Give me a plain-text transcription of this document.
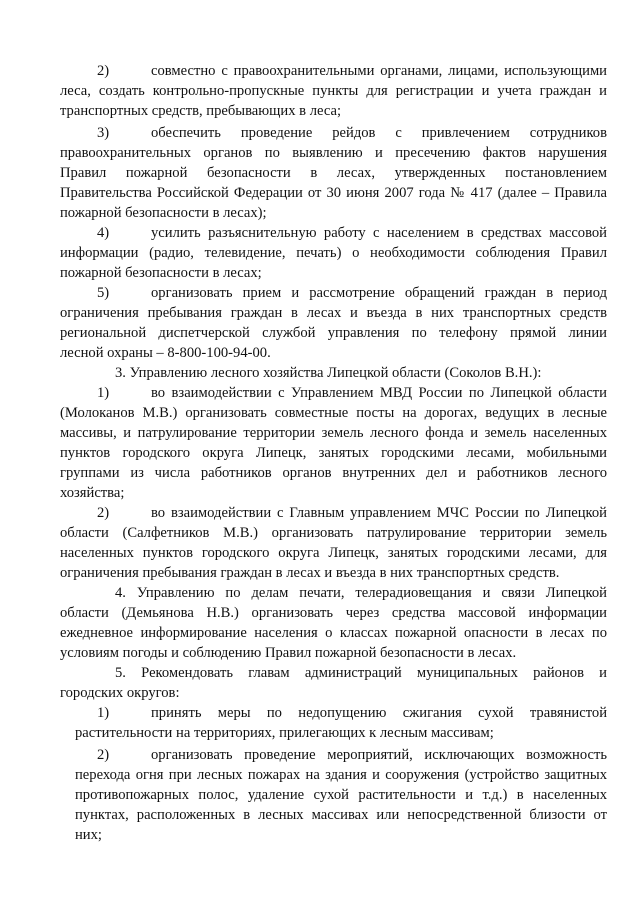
2)	совместно с правоохранительными органами, лицами, использующими
леса, создать контрольно-пропускные пункты для регистрации и учета граждан и
транспортных средств, пребывающих в леса;
3)	обеспечить проведение рейдов с привлечением сотрудников
правоохранительных органов по выявлению и пресечению фактов нарушения
Правил пожарной безопасности в лесах, утвержденных постановлением
Правительства Российской Федерации от 30 июня 2007 года № 417 (далее – Правила
пожарной безопасности в лесах);
4)	усилить разъяснительную работу с населением в средствах массовой
информации (радио, телевидение, печать) о необходимости соблюдения Правил
пожарной безопасности в лесах;
5)	организовать прием и рассмотрение обращений граждан в период
ограничения пребывания граждан в лесах и въезда в них транспортных средств
региональной диспетчерской службой управления по телефону прямой линии
лесной охраны – 8-800-100-94-00.
3. Управлению лесного хозяйства Липецкой области (Соколов В.Н.):
1)	во взаимодействии с Управлением МВД России по Липецкой области
(Молоканов М.В.) организовать совместные посты на дорогах, ведущих в лесные
массивы, и патрулирование территории земель лесного фонда и земель населенных
пунктов городского округа Липецк, занятых городскими лесами, мобильными
группами из числа работников органов внутренних дел и работников лесного
хозяйства;
2)	во взаимодействии с Главным управлением МЧС России по Липецкой
области (Салфетников М.В.) организовать патрулирование территории земель
населенных пунктов городского округа Липецк, занятых городскими лесами, для
ограничения пребывания граждан в лесах и въезда в них транспортных средств.
4. Управлению по делам печати, телерадиовещания и связи Липецкой
области (Демьянова Н.В.) организовать через средства массовой информации
ежедневное информирование населения о классах пожарной опасности в лесах по
условиям погоды и соблюдению Правил пожарной безопасности в лесах.
5. Рекомендовать главам администраций муниципальных районов и
городских округов:
1)	принять меры по недопущению сжигания сухой травянистой
растительности на территориях, прилегающих к лесным массивам;
2)	организовать проведение мероприятий, исключающих возможность
перехода огня при лесных пожарах на здания и сооружения (устройство защитных
противопожарных полос, удаление сухой растительности и т.д.) в населенных
пунктах, расположенных в лесных массивах или непосредственной близости от
них;
